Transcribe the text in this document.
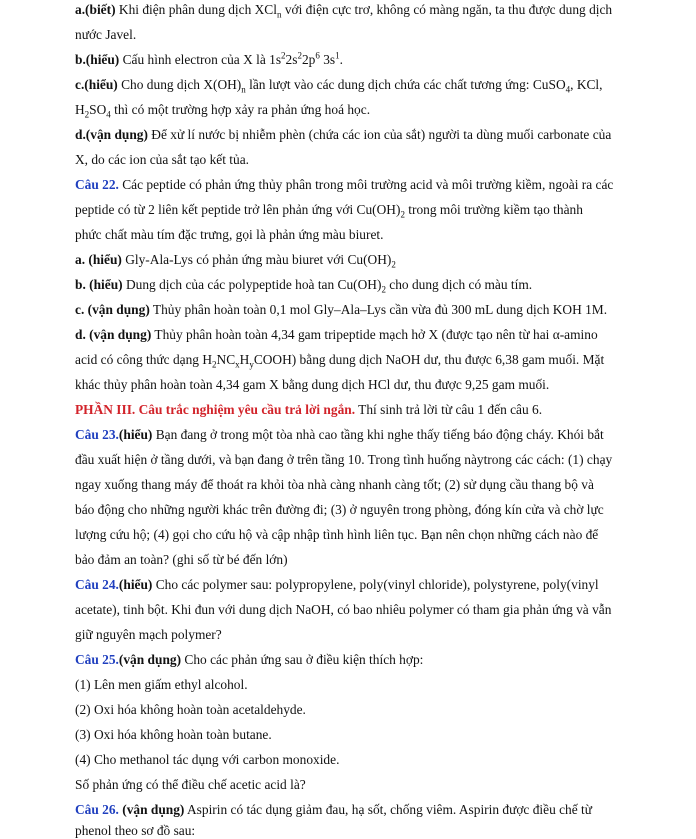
a.(biết) Khi điện phân dung dịch XCl$_n$ với điện cực trơ, không có màng ngăn, ta thu được dung dịch
nước Javel.
b.(hiểu) Cấu hình electron của X là $1s^22s^22p^6$ $3s^1$.
c.(hiểu) Cho dung dịch $X(OH)_n$ lần lượt vào các dung dịch chứa các chất tương ứng: CuSO$_4$, KCl,
$H_2SO_4$ thì có một trường hợp xảy ra phản ứng hoá học.
d.(vận dụng) Để xử lí nước bị nhiễm phèn (chứa các ion của sắt) người ta dùng muối carbonate của
X, do các ion của sắt tạo kết tủa.
Câu 22. Các peptide có phản ứng thủy phân trong môi trường acid và môi trường kiềm, ngoài ra các
peptide có từ 2 liên kết peptide trở lên phản ứng với $Cu(OH)_2$ trong môi trường kiềm tạo thành
phức chất màu tím đặc trưng, gọi là phản ứng màu biuret.
a. (hiểu) Gly-Ala-Lys có phản ứng màu biuret với $Cu(OH)_2$
b. (hiểu) Dung dịch của các polypeptide hoà $\tan Cu(OH)_2$ cho dung dịch có màu tím.
c. (vận dụng) Thủy phân hoàn toàn 0,1 mol Gly–Ala–Lys cần vừa đủ 300 mL dung dịch KOH 1M.
d. (vận dụng) Thủy phân hoàn toàn 4,34 gam tripeptide mạch hở X (được tạo nên từ hai α-amino
acid có công thức dạng $H_2NC_xH_yCOOH$) bằng dung dịch NaOH dư, thu được 6,38 gam muối. Mặt
khác thủy phân hoàn toàn 4,34 gam X bằng dung dịch HCl dư, thu được 9,25 gam muối.
PHẦN III. Câu trắc nghiệm yêu cầu trả lời ngắn. Thí sinh trả lời từ câu 1 đến câu 6.
Câu 23.(hiểu) Bạn đang ở trong một tòa nhà cao tầng khi nghe thấy tiếng báo động cháy. Khói bắt
đầu xuất hiện ở tầng dưới, và bạn đang ở trên tầng 10. Trong tình huống nàytrong các cách: (1) chạy
ngay xuống thang máy để thoát ra khỏi tòa nhà càng nhanh càng tốt; (2) sử dụng cầu thang bộ và
báo động cho những người khác trên đường đi; (3) ở nguyên trong phòng, đóng kín cửa và chờ lực
lượng cứu hộ; (4) gọi cho cứu hộ và cập nhập tình hình liên tục. Bạn nên chọn những cách nào để
bảo đảm an toàn? (ghi số từ bé đến lớn)
Câu 24.(hiểu) Cho các polymer sau: polypropylene, poly(vinyl chloride), polystyrene, poly(vinyl
acetate), tinh bột. Khi đun với dung dịch NaOH, có bao nhiêu polymer có tham gia phản ứng và vẫn
giữ nguyên mạch polymer?
Câu 25.(vận dụng) Cho các phản ứng sau ở điều kiện thích hợp:
(1) Lên men giấm ethyl alcohol.
(2) Oxi hóa không hoàn toàn acetaldehyde.
(3) Oxi hóa không hoàn toàn butane.
(4) Cho methanol tác dụng với carbon monoxide.
Số phản ứng có thể điều chế acetic acid là?
Câu 26. (vận dụng) Aspirin có tác dụng giảm đau, hạ sốt, chống viêm. Aspirin được điều chế từ
phenol theo sơ đồ sau:
